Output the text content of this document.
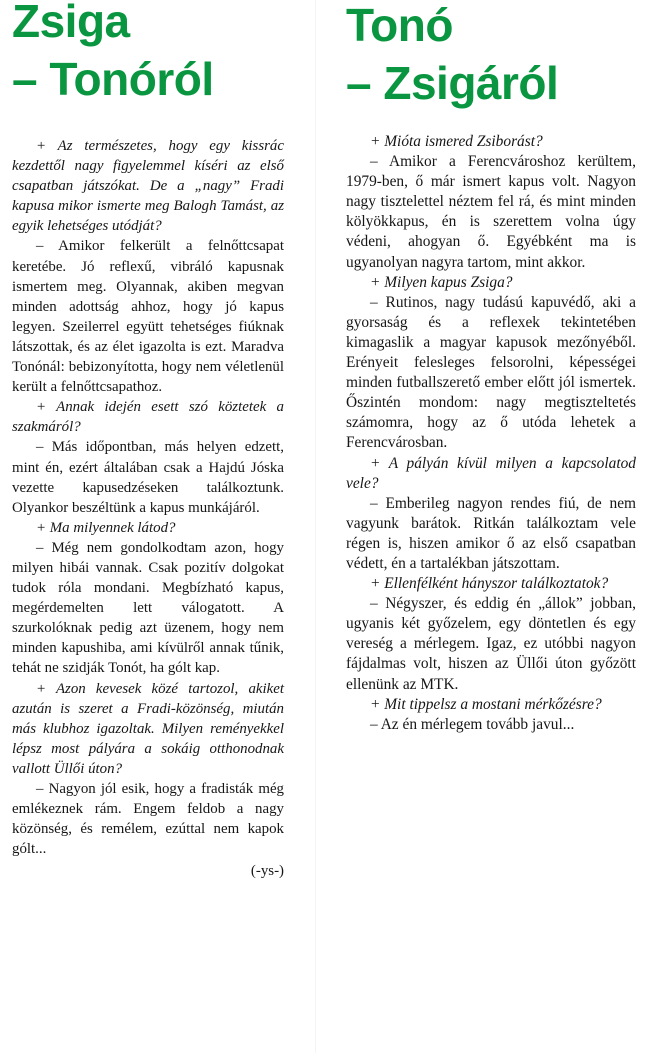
Zsiga
– Tonóról

+ Az természetes, hogy egy kissrác kezdettől nagy figyelemmel kíséri az első csapatban játszókat. De a „nagy” Fradi kapusa mikor ismerte meg Balogh Tamást, az egyik lehetséges utódját?

– Amikor felkerült a felnőttcsapat keretébe. Jó reflexű, vibráló kapusnak ismertem meg. Olyannak, akiben megvan minden adottság ahhoz, hogy jó kapus legyen. Szeilerrel együtt tehetséges fiúknak látszottak, és az élet igazolta is ezt. Maradva Tonónál: bebizonyította, hogy nem véletlenül került a felnőttcsapathoz.

+ Annak idején esett szó köztetek a szakmáról?

– Más időpontban, más helyen edzett, mint én, ezért általában csak a Hajdú Jóska vezette kapusedzéseken találkoztunk. Olyankor beszéltünk a kapus munkájáról.

+ Ma milyennek látod?

– Még nem gondolkodtam azon, hogy milyen hibái vannak. Csak pozitív dolgokat tudok róla mondani. Megbízható kapus, megérdemelten lett válogatott. A szurkolóknak pedig azt üzenem, hogy nem minden kapushiba, ami kívülről annak tűnik, tehát ne szidják Tonót, ha gólt kap.

+ Azon kevesek közé tartozol, akiket azután is szeret a Fradi-közönség, miután más klubhoz igazoltak. Milyen reményekkel lépsz most pályára a sokáig otthonodnak vallott Üllői úton?

– Nagyon jól esik, hogy a fradisták még emlékeznek rám. Engem feldob a nagy közönség, és remélem, ezúttal nem kapok gólt...

(-ys-)

Tonó
– Zsigáról

+ Mióta ismered Zsiborást?

– Amikor a Ferencvároshoz kerültem, 1979-ben, ő már ismert kapus volt. Nagyon nagy tisztelettel néztem fel rá, és mint minden kölyökkapus, én is szerettem volna úgy védeni, ahogyan ő. Egyébként ma is ugyanolyan nagyra tartom, mint akkor.

+ Milyen kapus Zsiga?

– Rutinos, nagy tudású kapuvédő, aki a gyorsaság és a reflexek tekintetében kimagaslik a magyar kapusok mezőnyéből. Erényeit felesleges felsorolni, képességei minden futballszerető ember előtt jól ismertek. Őszintén mondom: nagy megtiszteltetés számomra, hogy az ő utóda lehetek a Ferencvárosban.

+ A pályán kívül milyen a kapcsolatod vele?

– Emberileg nagyon rendes fiú, de nem vagyunk barátok. Ritkán találkoztam vele régen is, hiszen amikor ő az első csapatban védett, én a tartalékban játszottam.

+ Ellenfélként hányszor találkoztatok?

– Négyszer, és eddig én „állok” jobban, ugyanis két győzelem, egy döntetlen és egy vereség a mérlegem. Igaz, ez utóbbi nagyon fájdalmas volt, hiszen az Üllői úton győzött ellenünk az MTK.

+ Mit tippelsz a mostani mérkőzésre?

– Az én mérlegem tovább javul...
